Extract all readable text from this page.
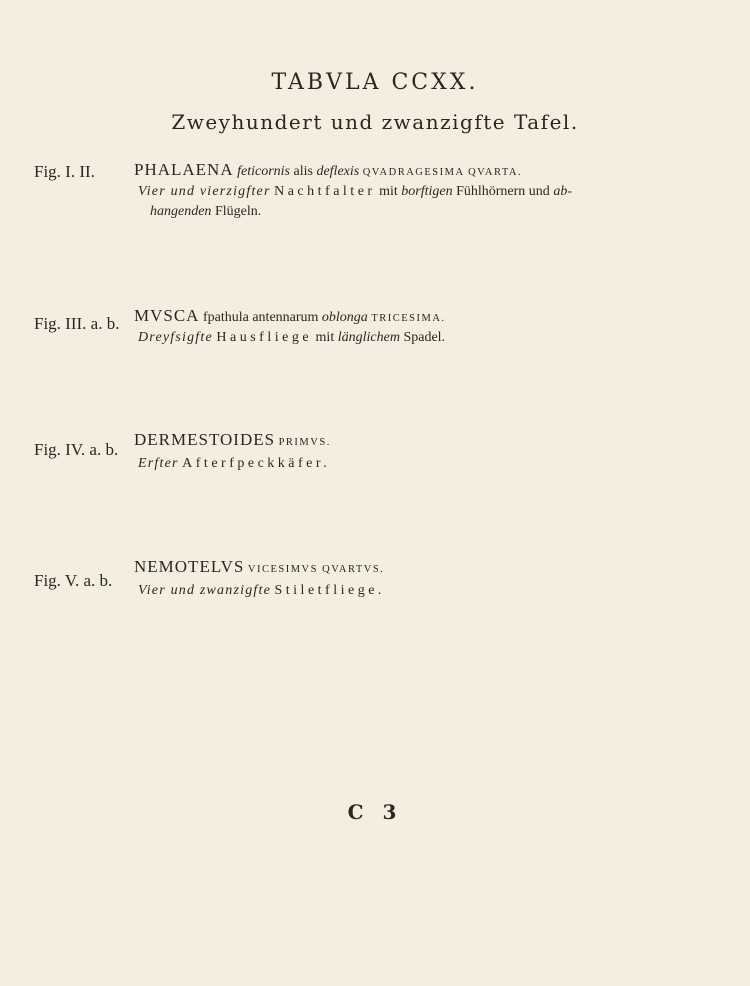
TABVLA CCXX.
Zweyhundert und zwanzigfte Tafel.
Fig. I. II. PHALAENA feticornis alis deflexis QVADRAGESIMA QVARTA.
Vier und vierzigfter Nachtfalter mit borftigen Fühlhörnern und ab-
hangenden Flügeln.
Fig. III. a. b. MVSCA fpathula antennarum oblonga TRICESIMA.
Dreyfsigfte Hausfliege mit länglichem Spadel.
Fig. IV. a. b.
DERMESTOIDES PRIMVS.
Erfter Afterfpeckkäfer.
Fig. V. a. b.
NEMOTELVS VICESIMVS QVARTVS.
Vier und zwanzigfte Stiletfliege.
C 3
